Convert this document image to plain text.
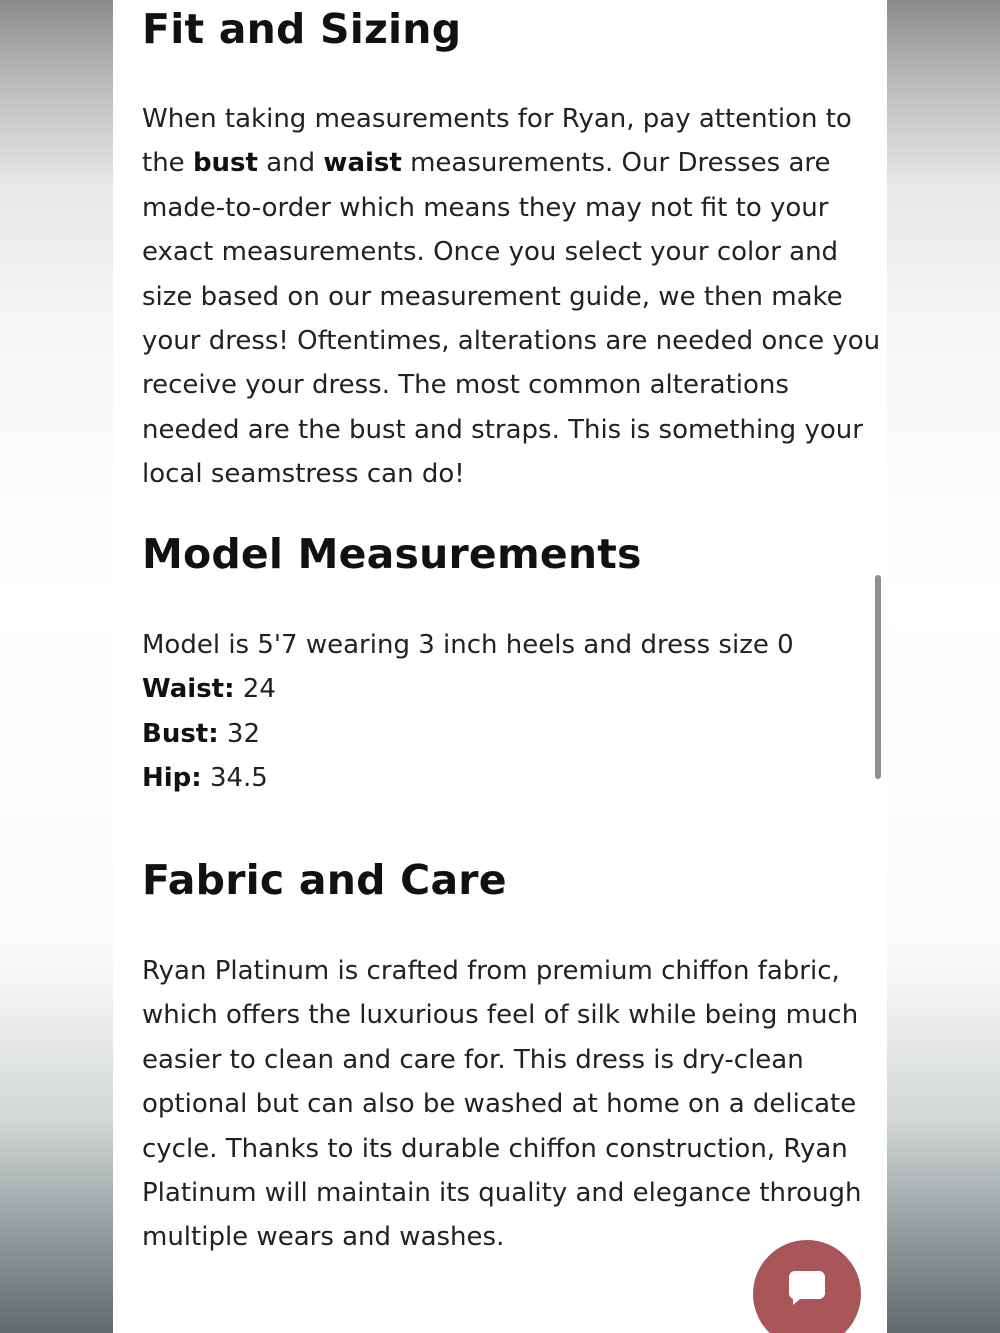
Fit and Sizing
When taking measurements for Ryan, pay attention to
the bust and waist measurements. Our Dresses are
made-to-order which means they may not fit to your
exact measurements. Once you select your color and
size based on our measurement guide, we then make
your dress! Oftentimes, alterations are needed once you
receive your dress. The most common alterations
needed are the bust and straps. This is something your
local seamstress can do!
Model Measurements
Model is 5'7 wearing 3 inch heels and dress size 0
Waist: 24
Bust: 32
Hip: 34.5
Fabric and Care
Ryan Platinum is crafted from premium chiffon fabric,
which offers the luxurious feel of silk while being much
easier to clean and care for. This dress is dry-clean
optional but can also be washed at home on a delicate
cycle. Thanks to its durable chiffon construction, Ryan
Platinum will maintain its quality and elegance through
multiple wears and washes.
